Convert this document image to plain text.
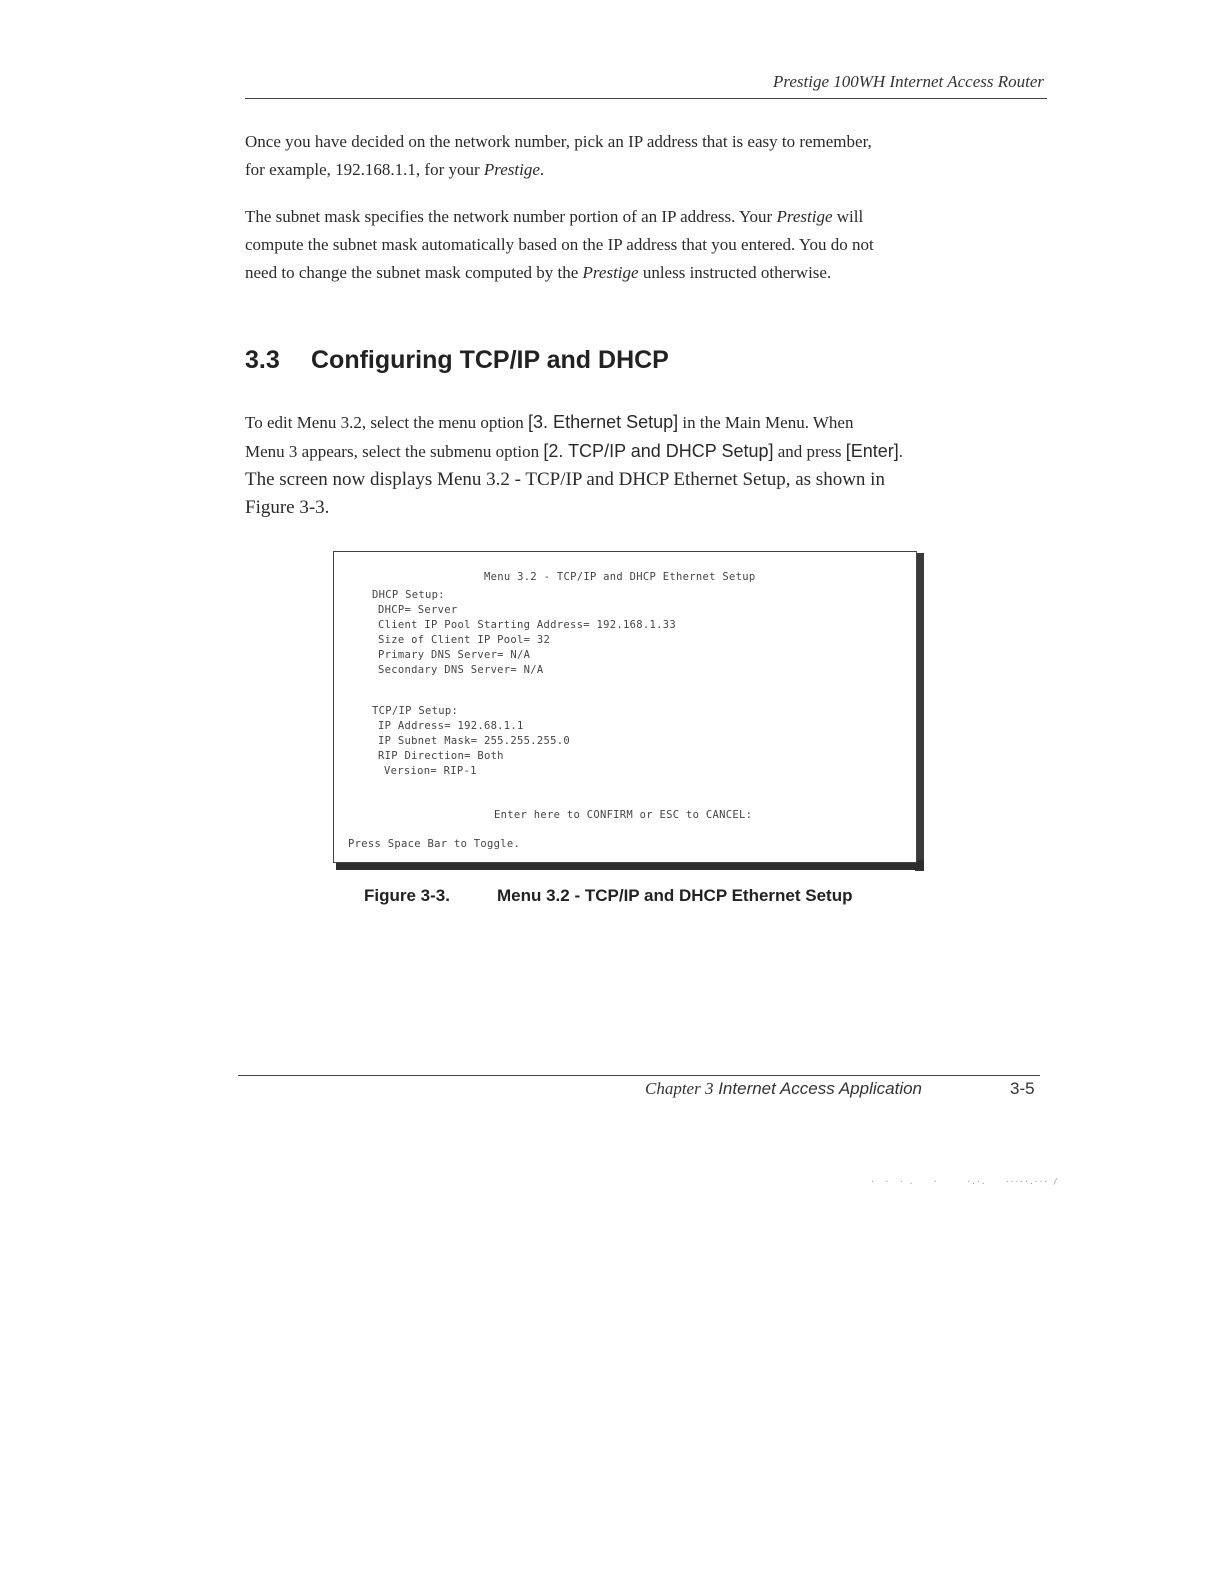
Prestige 100WH Internet Access Router
Once you have decided on the network number, pick an IP address that is easy to remember,
for example, 192.168.1.1, for your Prestige.
The subnet mask specifies the network number portion of an IP address. Your Prestige will
compute the subnet mask automatically based on the IP address that you entered. You do not
need to change the subnet mask computed by the Prestige unless instructed otherwise.
3.3 Configuring TCP/IP and DHCP
To edit Menu 3.2, select the menu option [3. Ethernet Setup] in the Main Menu. When
Menu 3 appears, select the submenu option [2. TCP/IP and DHCP Setup] and press [Enter].
The screen now displays Menu 3.2 - TCP/IP and DHCP Ethernet Setup, as shown in
Figure 3-3.
Menu 3.2 - TCP/IP and DHCP Ethernet Setup
DHCP Setup:
DHCP= Server
Client IP Pool Starting Address= 192.168.1.33
Size of Client IP Pool= 32
Primary DNS Server= N/A
Secondary DNS Server= N/A
TCP/IP Setup:
IP Address= 192.68.1.1
IP Subnet Mask= 255.255.255.0
RIP Direction= Both
Version= RIP-1
Enter here to CONFIRM or ESC to CANCEL:
Press Space Bar to Toggle.
Figure 3-3.	Menu 3.2 - TCP/IP and DHCP Ethernet Setup
Chapter 3 Internet Access Application	3-5
·  ·  · .    ·      ·.·.    ·····.··· /
